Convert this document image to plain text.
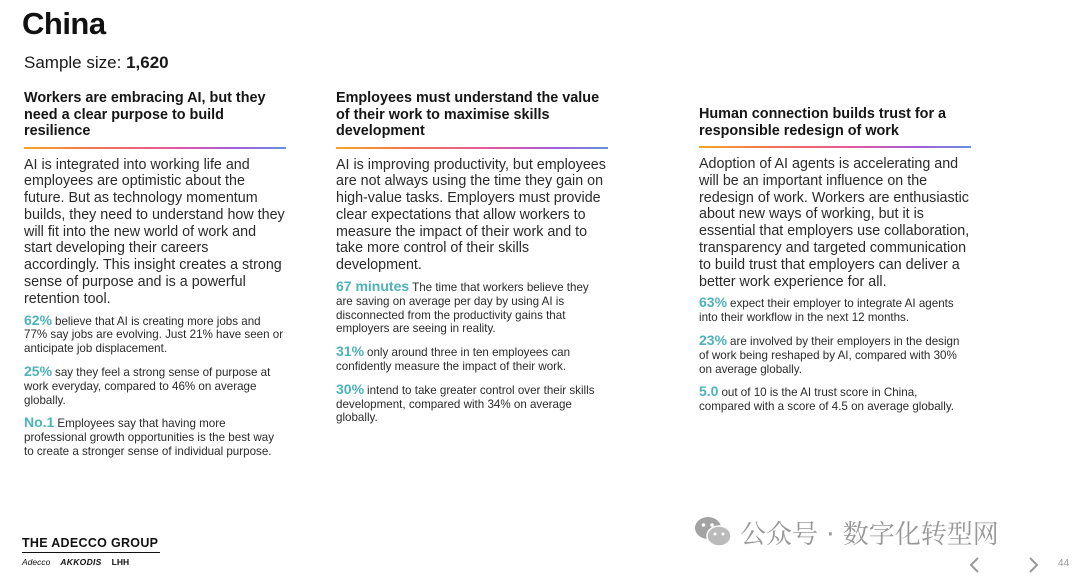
China
Sample size: 1,620
Workers are embracing AI, but they need a clear purpose to build resilience

AI is integrated into working life and employees are optimistic about the future. But as technology momentum builds, they need to understand how they will fit into the new world of work and start developing their careers accordingly. This insight creates a strong sense of purpose and is a powerful retention tool.

62% believe that AI is creating more jobs and 77% say jobs are evolving. Just 21% have seen or anticipate job displacement.

25% say they feel a strong sense of purpose at work everyday, compared to 46% on average globally.

No.1 Employees say that having more professional growth opportunities is the best way to create a stronger sense of individual purpose.

Employees must understand the value of their work to maximise skills development

AI is improving productivity, but employees are not always using the time they gain on high-value tasks. Employers must provide clear expectations that allow workers to measure the impact of their work and to take more control of their skills development.

67 minutes The time that workers believe they are saving on average per day by using AI is disconnected from the productivity gains that employers are seeing in reality.

31% only around three in ten employees can confidently measure the impact of their work.

30% intend to take greater control over their skills development, compared with 34% on average globally.

Human connection builds trust for a responsible redesign of work

Adoption of AI agents is accelerating and will be an important influence on the redesign of work. Workers are enthusiastic about new ways of working, but it is essential that employers use collaboration, transparency and targeted communication to build trust that employers can deliver a better work experience for all.

63% expect their employer to integrate AI agents into their workflow in the next 12 months.

23% are involved by their employers in the design of work being reshaped by AI, compared with 30% on average globally.

5.0 out of 10 is the AI trust score in China, compared with a score of 4.5 on average globally.

THE ADECCO GROUP
Adecco AKKODIS LHH
公众号 · 数字化转型网
44
